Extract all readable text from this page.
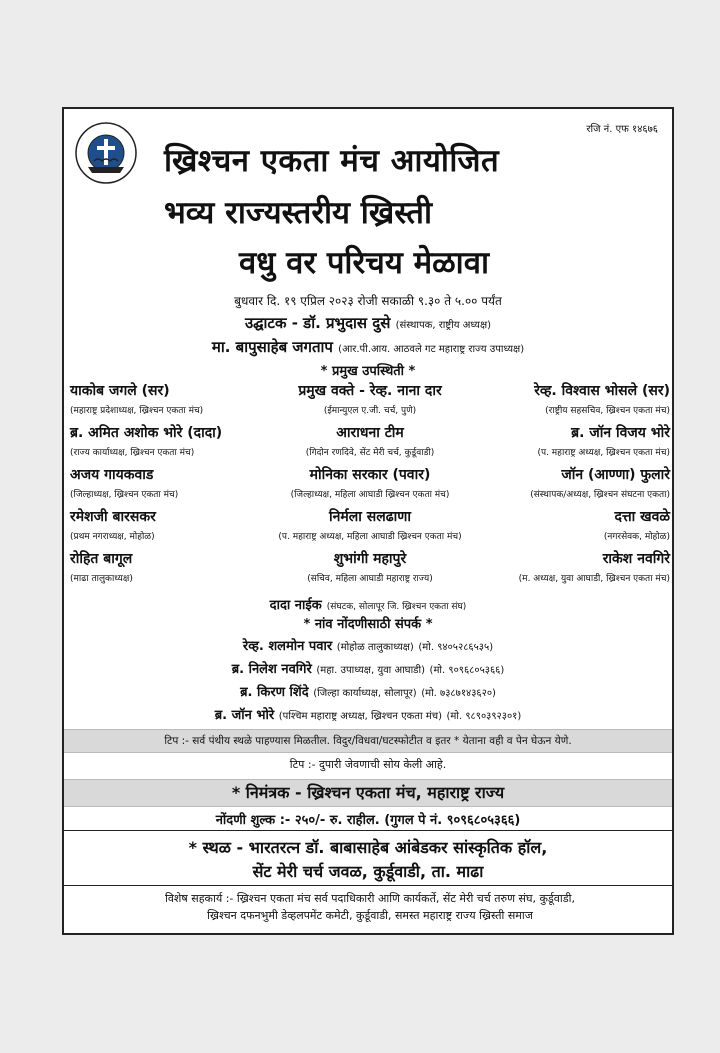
रजि नं. एफ १४६७६
ख्रिश्चन एकता मंच आयोजित
भव्य राज्यस्तरीय ख्रिस्ती
वधु वर परिचय मेळावा
बुधवार दि. १९ एप्रिल २०२३ रोजी सकाळी ९.३० ते ५.०० पर्यंत
उद्घाटक - डॉ. प्रभुदास दुसे (संस्थापक, राष्ट्रीय अध्यक्ष)
मा. बापुसाहेब जगताप (आर.पी.आय. आठवले गट महाराष्ट्र राज्य उपाध्यक्ष)
* प्रमुख उपस्थिती *
याकोब जगले (सर)
(महाराष्ट्र प्रदेशाध्यक्ष, ख्रिश्चन एकता मंच)
प्रमुख वक्ते - रेव्ह. नाना दार
(ईमान्युएल ए.जी. चर्च, पुणे)
रेव्ह. विश्वास भोसले (सर)
(राष्ट्रीय सहसचिव, ख्रिश्चन एकता मंच)
ब्र. अमित अशोक भोरे (दादा)
(राज्य कार्याध्यक्ष, ख्रिश्चन एकता मंच)
आराधना टीम
(गिदोन रणदिवे, सेंट मेरी चर्च, कुर्डूवाडी)
ब्र. जॉन विजय भोरे
(प. महाराष्ट्र अध्यक्ष, ख्रिश्चन एकता मंच)
अजय गायकवाड
(जिल्हाध्यक्ष, ख्रिश्चन एकता मंच)
मोनिका सरकार (पवार)
(जिल्हाध्यक्ष, महिला आघाडी ख्रिश्चन एकता मंच)
जॉन (आण्णा) फुलारे
(संस्थापक/अध्यक्ष, ख्रिश्चन संघटना एकता)
रमेशजी बारसकर
(प्रथम नगराध्यक्ष, मोहोळ)
निर्मला सलढाणा
(प. महाराष्ट्र अध्यक्ष, महिला आघाडी ख्रिश्चन एकता मंच)
दत्ता खवळे
(नगरसेवक, मोहोळ)
रोहित बागूल
(माढा तालुकाध्यक्ष)
शुभांगी महापुरे
(सचिव, महिला आघाडी महाराष्ट्र राज्य)
राकेश नवगिरे
(म. अध्यक्ष, युवा आघाडी, ख्रिश्चन एकता मंच)
दादा नाईक (संघटक, सोलापूर जि. ख्रिश्चन एकता संघ)
* नांव नोंदणीसाठी संपर्क *
रेव्ह. शलमोन पवार (मोहोळ तालुकाध्यक्ष) (मो. ९४०५२८६५३५)
ब्र. निलेश नवगिरे (महा. उपाध्यक्ष, युवा आघाडी) (मो. ९०९६८०५३६६)
ब्र. किरण शिंदे (जिल्हा कार्याध्यक्ष, सोलापूर) (मो. ७३८७१४३६२०)
ब्र. जॉन भोरे (पश्चिम महाराष्ट्र अध्यक्ष, ख्रिश्चन एकता मंच) (मो. ९८९०३९२३०१)
टिप :- सर्व पंथीय स्थळे पाहण्यास मिळतील. विदुर/विधवा/घटस्फोटीत व इतर * येताना वही व पेन घेऊन येणे.
टिप :- दुपारी जेवणाची सोय केली आहे.
* निमंत्रक - ख्रिश्चन एकता मंच, महाराष्ट्र राज्य
नोंदणी शुल्क :- २५०/- रु. राहील. (गुगल पे नं. ९०९६८०५३६६)
* स्थळ - भारतरत्न डॉ. बाबासाहेब आंबेडकर सांस्कृतिक हॉल,
सेंट मेरी चर्च जवळ, कुर्डूवाडी, ता. माढा
विशेष सहकार्य :- ख्रिश्चन एकता मंच सर्व पदाधिकारी आणि कार्यकर्ते, सेंट मेरी चर्च तरुण संघ, कुर्डूवाडी,
ख्रिश्चन दफनभुमी डेव्हलपमेंट कमेटी, कुर्डूवाडी, समस्त महाराष्ट्र राज्य ख्रिस्ती समाज
